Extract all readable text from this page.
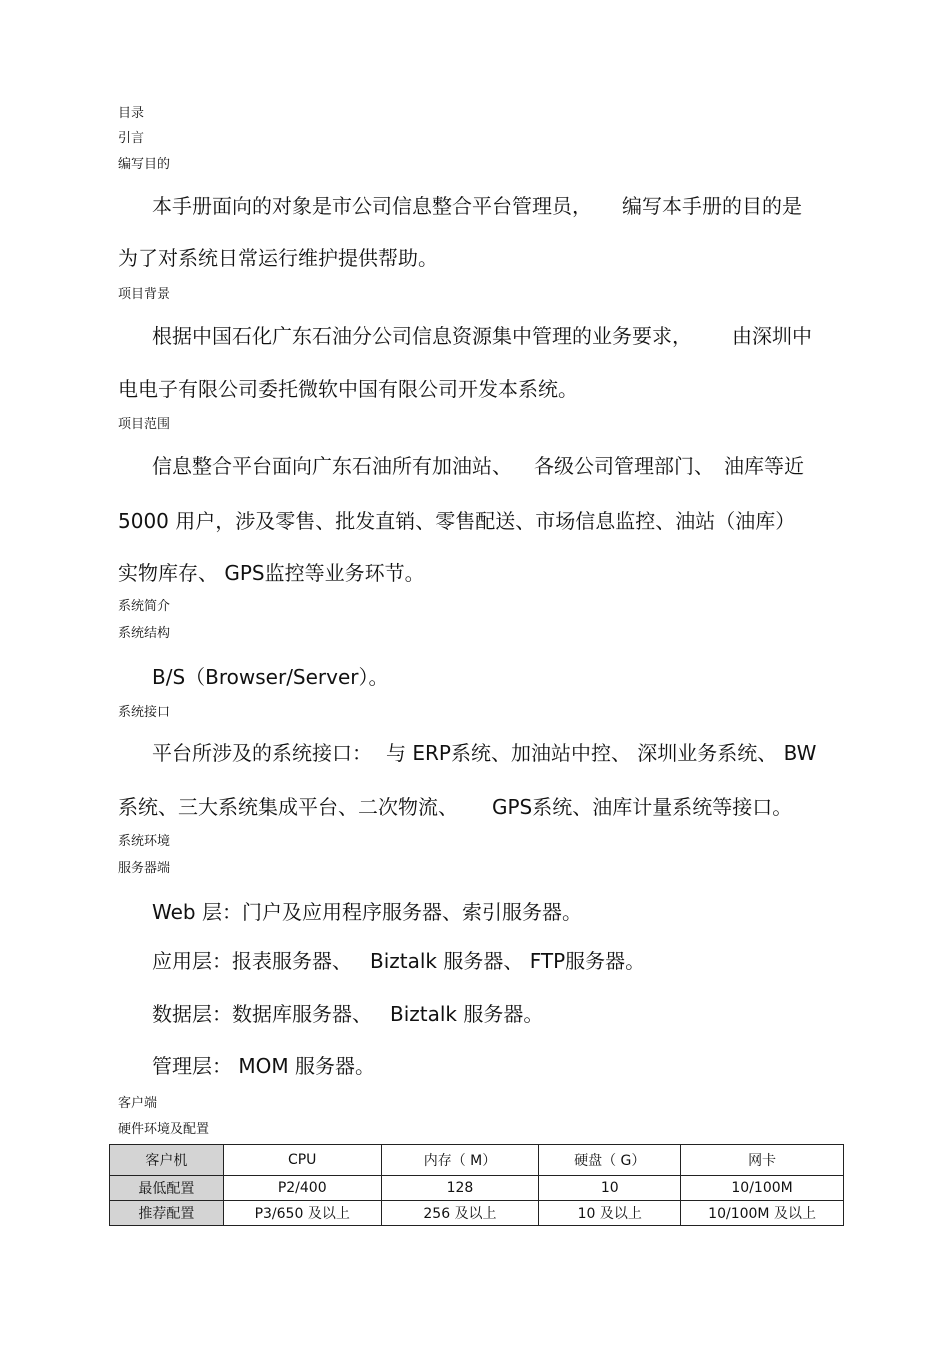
目录
引言
编写目的
本手册面向的对象是市公司信息整合平台管理员， 编写本手册的目的是
为了对系统日常运行维护提供帮助。
项目背景
根据中国石化广东石油分公司信息资源集中管理的业务要求， 由深圳中
电电子有限公司委托微软中国有限公司开发本系统。
项目范围
信息整合平台面向广东石油所有加油站、 各级公司管理部门、 油库等近
5000 用户，涉及零售、批发直销、零售配送、市场信息监控、油站（油库）
实物库存、 GPS监控等业务环节。
系统简介
系统结构
B/S（Browser/Server）。
系统接口
平台所涉及的系统接口： 与 ERP系统、加油站中控、 深圳业务系统、 BW
系统、三大系统集成平台、二次物流、 GPS系统、油库计量系统等接口。
系统环境
服务器端
Web 层：门户及应用程序服务器、索引服务器。
应用层：报表服务器、 Biztalk 服务器、 FTP服务器。
数据层：数据库服务器、 Biztalk 服务器。
管理层： MOM 服务器。
客户端
硬件环境及配置
客户机	CPU	内存（ M）	硬盘（ G）	网卡
最低配置	P2/400	128	10	10/100M
推荐配置	P3/650 及以上	256 及以上	10 及以上	10/100M 及以上
